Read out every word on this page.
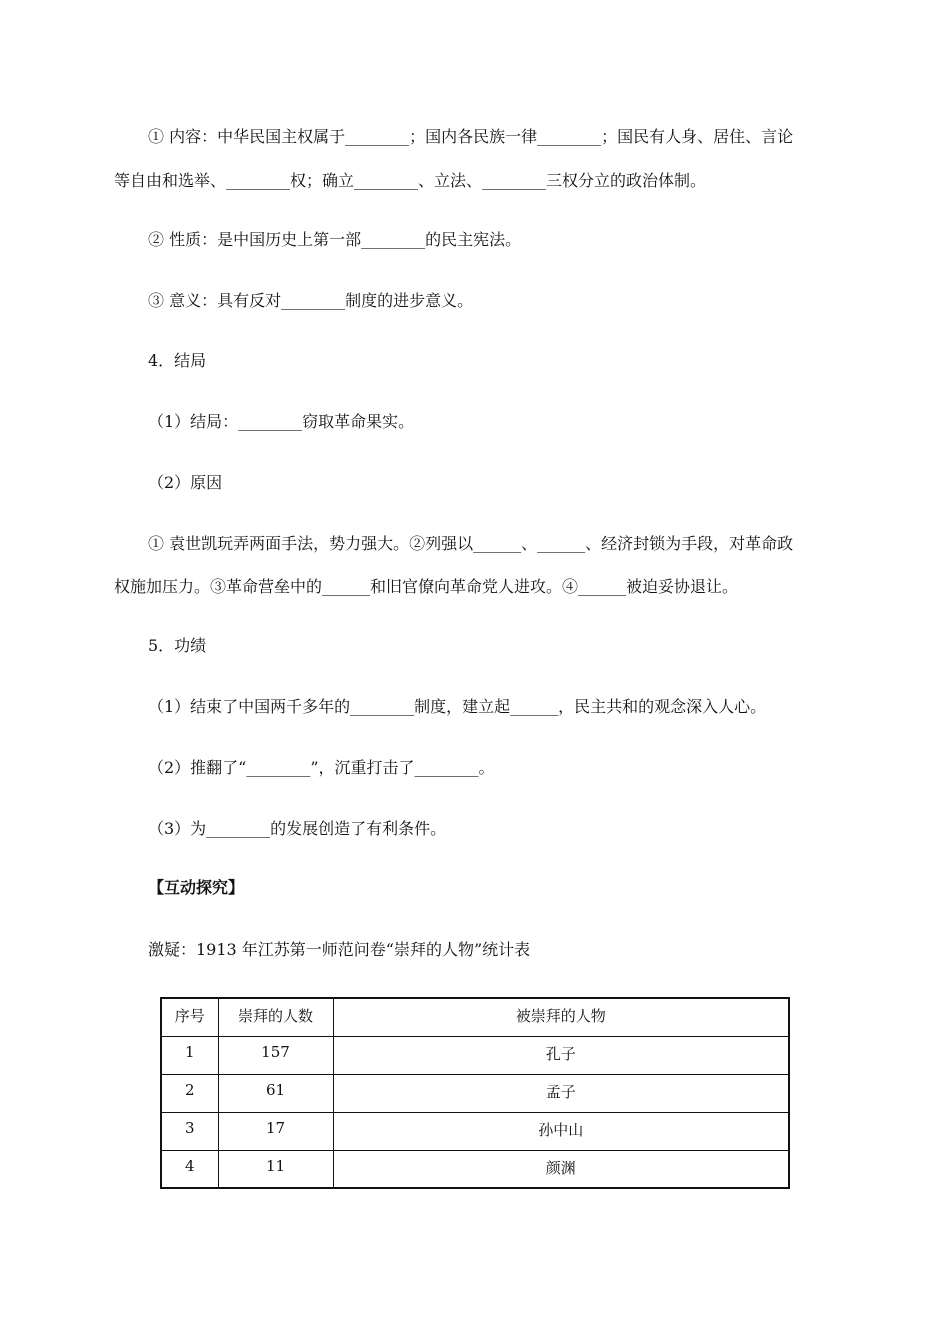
① 内容：中华民国主权属于________；国内各民族一律________；国民有人身、居住、言论
等自由和选举、________权；确立________、立法、________三权分立的政治体制。
② 性质：是中国历史上第一部________的民主宪法。
③ 意义：具有反对________制度的进步意义。
4．结局
（1）结局：________窃取革命果实。
（2）原因
① 袁世凯玩弄两面手法，势力强大。②列强以______、______、经济封锁为手段，对革命政
权施加压力。③革命营垒中的______和旧官僚向革命党人进攻。④______被迫妥协退让。
5．功绩
（1）结束了中国两千多年的________制度，建立起______，民主共和的观念深入人心。
（2）推翻了“________”，沉重打击了________。
（3）为________的发展创造了有利条件。
【互动探究】
激疑：1913 年江苏第一师范问卷“崇拜的人物”统计表
序号	崇拜的人数	被崇拜的人物
1	157	孔子
2	61	孟子
3	17	孙中山
4	11	颜渊
